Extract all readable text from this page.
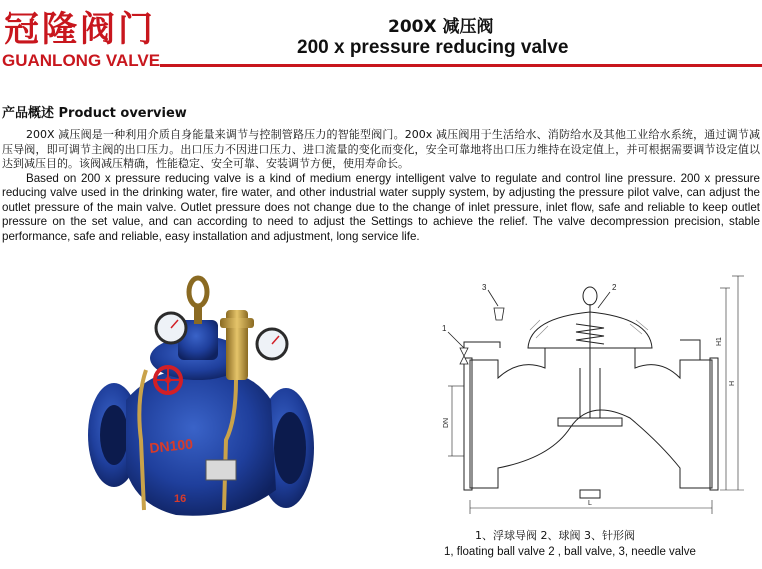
冠隆阀门
GUANLONG VALVE
200X 减压阀
200 x pressure reducing valve
产品概述 Product overview

200X 减压阀是一种利用介质自身能量来调节与控制管路压力的智能型阀门。200x 减压阀用于生活给水、消防给水及其他工业给水系统，通过调节减压导阀，即可调节主阀的出口压力。出口压力不因进口压力、进口流量的变化而变化，安全可靠地将出口压力维持在设定值上，并可根据需要调节设定值以达到减压目的。该阀减压精确，性能稳定、安全可靠、安装调节方便，使用寿命长。

Based on 200 x pressure reducing valve is a kind of medium energy intelligent valve to regulate and control line pressure. 200 x pressure reducing valve used in the drinking water, fire water, and other industrial water supply system, by adjusting the pressure pilot valve, can adjust the outlet pressure of the main valve. Outlet pressure does not change due to the change of inlet pressure, inlet flow, safe and reliable to keep outlet pressure on the set value, and can according to need to adjust the Settings to achieve the relief. The valve decompression precision, stable performance, safe and reliable, easy installation and adjustment, long service life.

DN100
16
1
3	2
H1
H
DN
L
1、浮球导阀 2、球阀 3、针形阀
1, floating ball valve 2 , ball valve, 3, needle valve
